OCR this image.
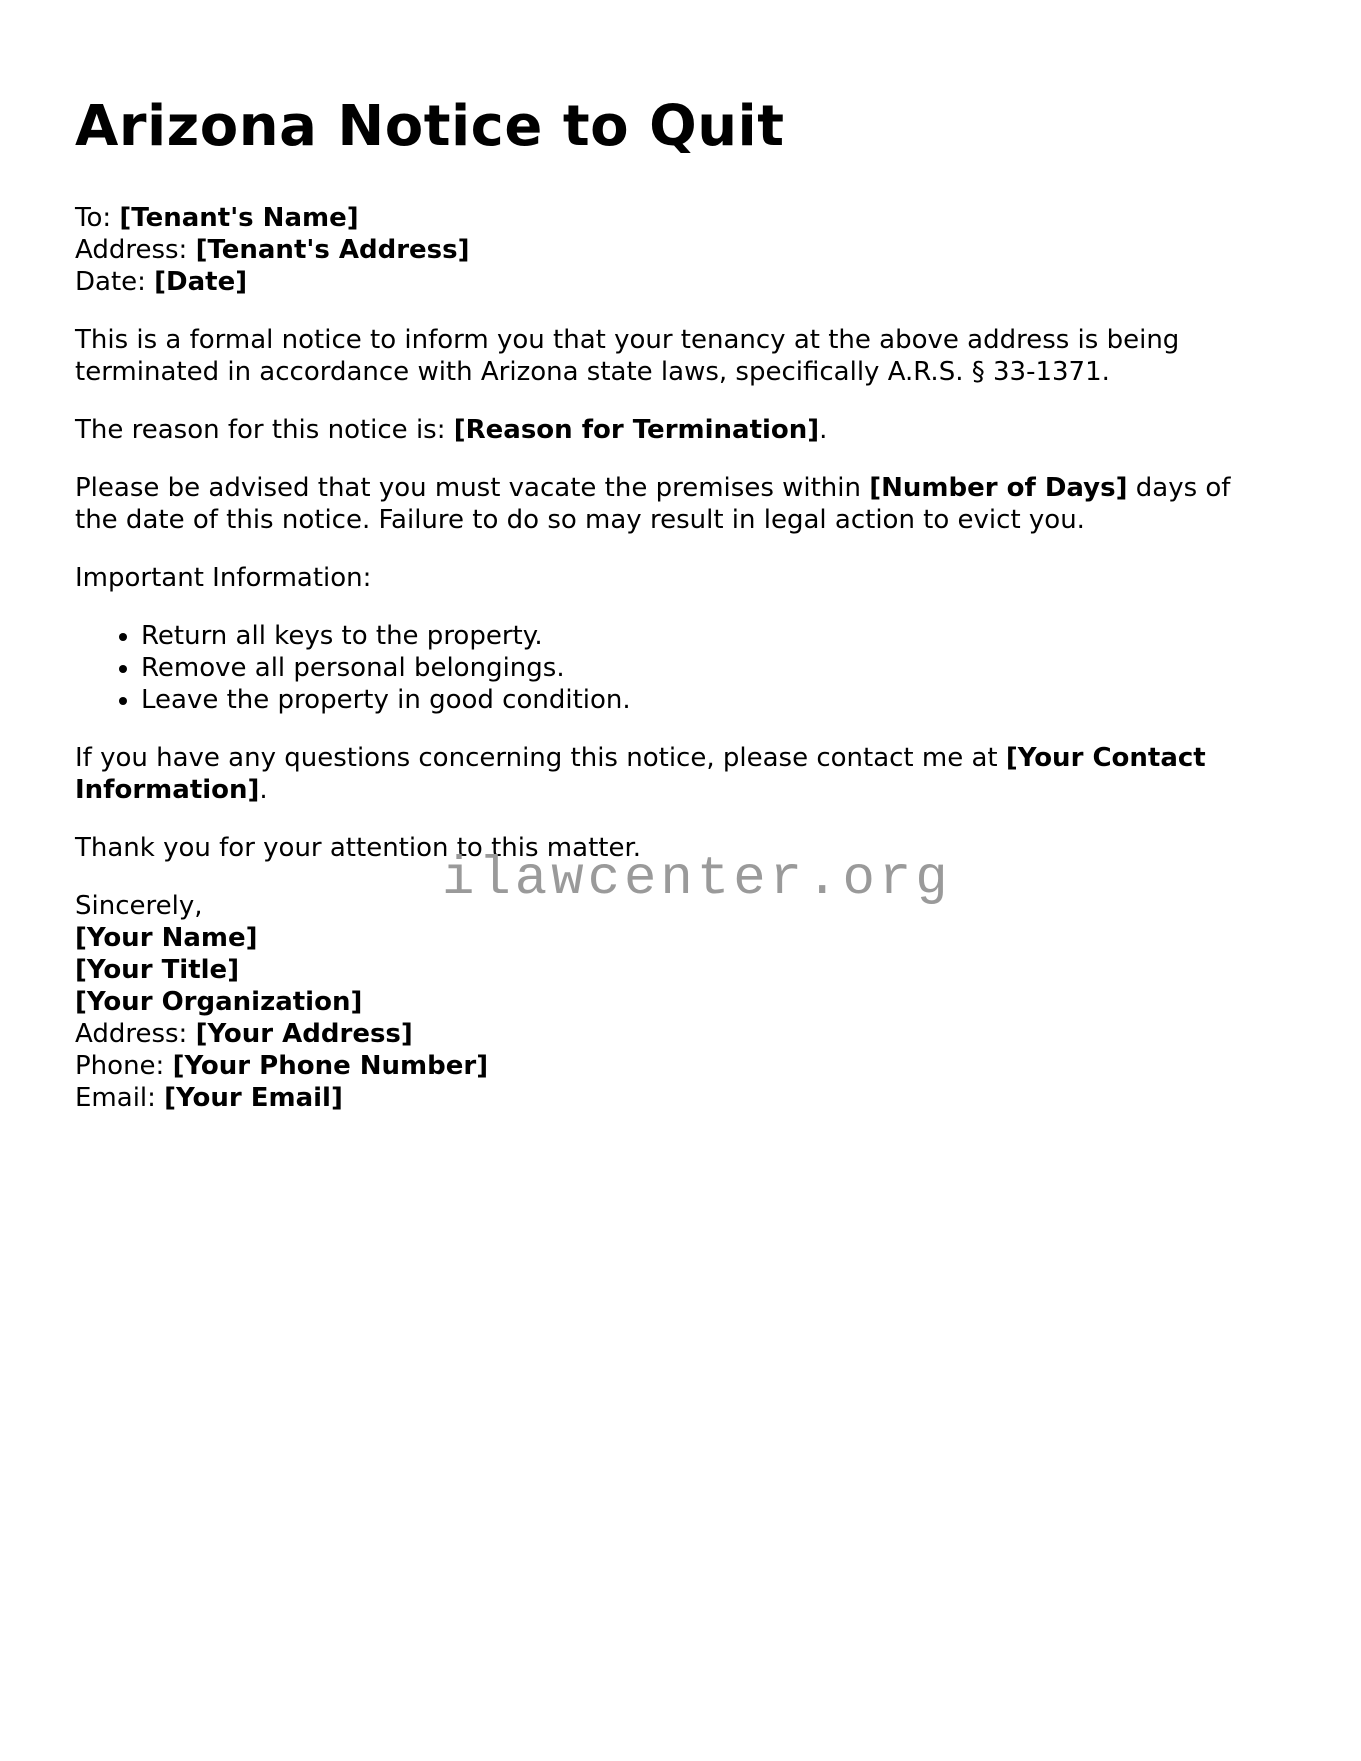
Arizona Notice to Quit
To: [Tenant's Name]
Address: [Tenant's Address]
Date: [Date]

This is a formal notice to inform you that your tenancy at the above address is being terminated in accordance with Arizona state laws, specifically A.R.S. § 33-1371.

The reason for this notice is: [Reason for Termination].

Please be advised that you must vacate the premises within [Number of Days] days of the date of this notice. Failure to do so may result in legal action to evict you.

Important Information:

• Return all keys to the property.
• Remove all personal belongings.
• Leave the property in good condition.

If you have any questions concerning this notice, please contact me at [Your Contact Information].

Thank you for your attention to this matter.

Sincerely,
[Your Name]
[Your Title]
[Your Organization]
Address: [Your Address]
Phone: [Your Phone Number]
Email: [Your Email]
ilawcenter.org
